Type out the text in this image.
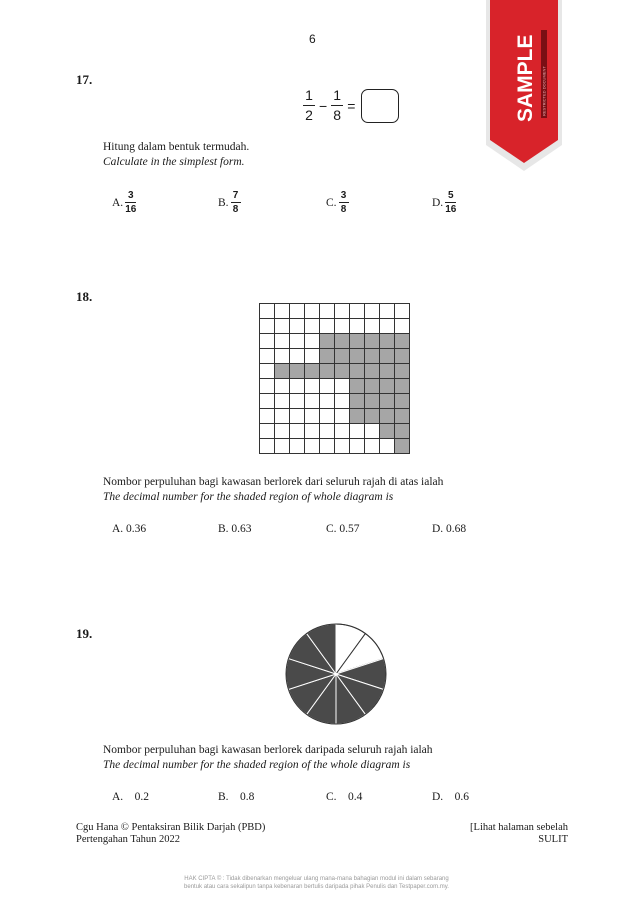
6	SAMPLE RESTRICTED DOCUMENT
17.
1
2
−
1
8
=
Hitung dalam bentuk termudah.
Calculate in the simplest form.
A. $\frac{3}{16}$	B. $\frac{7}{8}$	C. $\frac{3}{8}$	D. $\frac{5}{16}$
18.
Nombor perpuluhan bagi kawasan berlorek dari seluruh rajah di atas ialah
The decimal number for the shaded region of whole diagram is
A. 0.36	B. 0.63	C. 0.57	D. 0.68
19.
Nombor perpuluhan bagi kawasan berlorek daripada seluruh rajah ialah
The decimal number for the shaded region of the whole diagram is
A.    0.2	B.    0.8	C.    0.4	D.    0.6
Cgu Hana © Pentaksiran Bilik Darjah (PBD)
Pertengahan Tahun 2022
[Lihat halaman sebelah
SULIT
HAK CIPTA © : Tidak dibenarkan mengeluar ulang mana-mana bahagian modul ini dalam sebarang
bentuk atau cara sekalipun tanpa kebenaran bertulis daripada pihak Penulis dan Testpaper.com.my.
